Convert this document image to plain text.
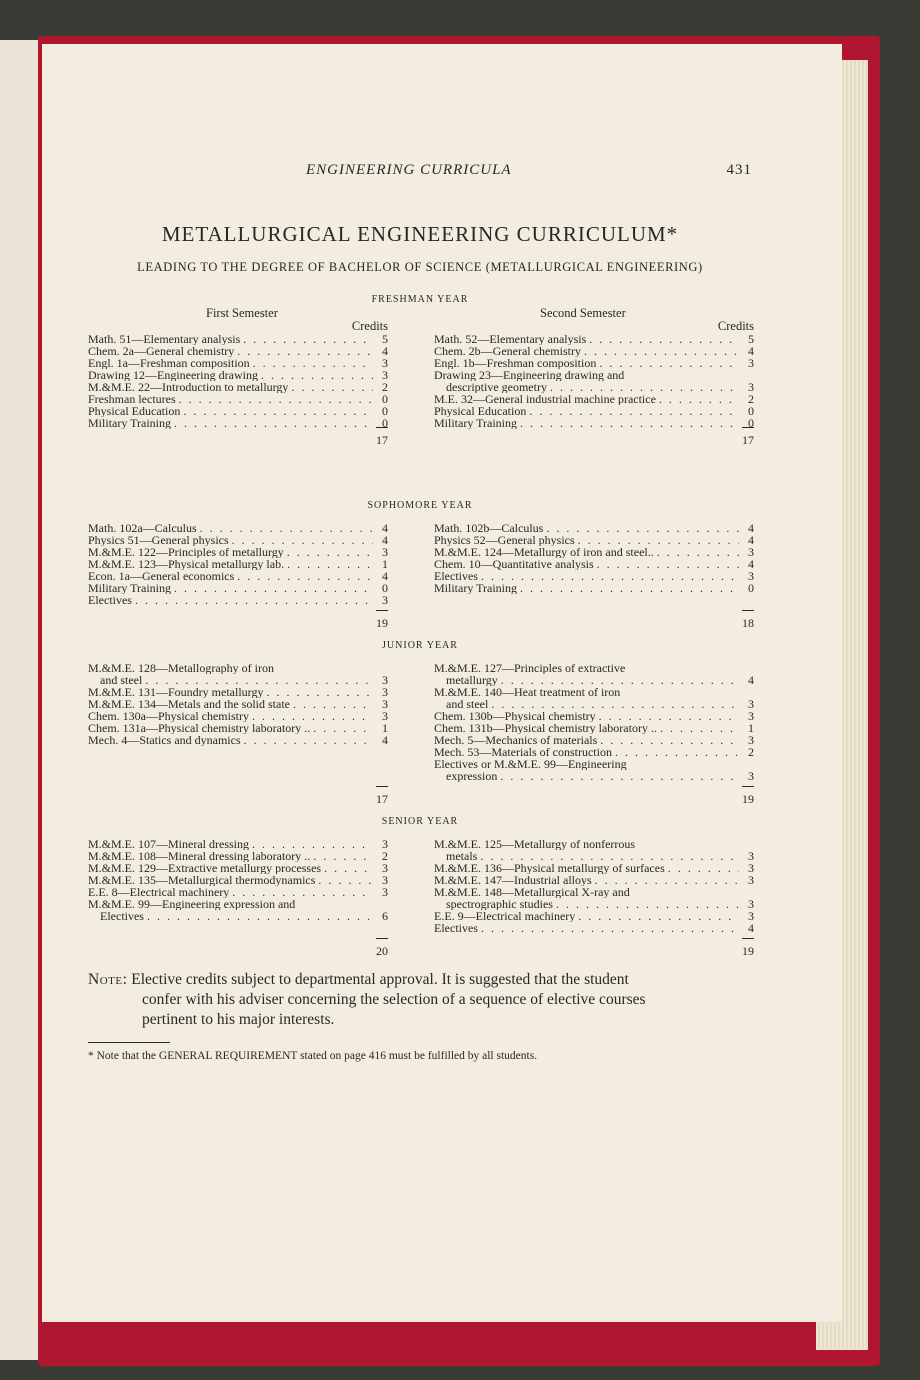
ENGINEERING CURRICULA	431
METALLURGICAL ENGINEERING CURRICULUM*
LEADING TO THE DEGREE OF BACHELOR OF SCIENCE (METALLURGICAL ENGINEERING)
FRESHMAN YEAR
First Semester
Credits
Math. 51—Elementary analysis . . .	5
Chem. 2a—General chemistry . . .	4
Engl. 1a—Freshman composition . . .	3
Drawing 12—Engineering drawing . . .	3
M.&M.E. 22—Introduction to metallurgy . . .	2
Freshman lectures . . .	0
Physical Education . . .	0
Military Training . . .	0
17
Second Semester
Credits
Math. 52—Elementary analysis . . .	5
Chem. 2b—General chemistry . . .	4
Engl. 1b—Freshman composition . . .	3
Drawing 23—Engineering drawing and
descriptive geometry . . .	3
M.E. 32—General industrial machine practice . . .	2
Physical Education . . .	0
Military Training . . .	0
17
SOPHOMORE YEAR
Math. 102a—Calculus . . .	4
Physics 51—General physics . . .	4
M.&M.E. 122—Principles of metallurgy . . .	3
M.&M.E. 123—Physical metallurgy lab. . . .	1
Econ. 1a—General economics . . .	4
Military Training . . .	0
Electives . . .	3
19
Math. 102b—Calculus . . .	4
Physics 52—General physics . . .	4
M.&M.E. 124—Metallurgy of iron and steel.. . . .	3
Chem. 10—Quantitative analysis . . .	4
Electives . . .	3
Military Training . . .	0
18
JUNIOR YEAR
M.&M.E. 128—Metallography of iron
and steel . . .	3
M.&M.E. 131—Foundry metallurgy . . .	3
M.&M.E. 134—Metals and the solid state . . .	3
Chem. 130a—Physical chemistry . . .	3
Chem. 131a—Physical chemistry laboratory .. . . .	1
Mech. 4—Statics and dynamics . . .	4
17
M.&M.E. 127—Principles of extractive
metallurgy . . .	4
M.&M.E. 140—Heat treatment of iron
and steel . . .	3
Chem. 130b—Physical chemistry . . .	3
Chem. 131b—Physical chemistry laboratory .. . . .	1
Mech. 5—Mechanics of materials . . .	3
Mech. 53—Materials of construction . . .	2
Electives or M.&M.E. 99—Engineering
expression . . .	3
19
SENIOR YEAR
M.&M.E. 107—Mineral dressing . . .	3
M.&M.E. 108—Mineral dressing laboratory .. . . .	2
M.&M.E. 129—Extractive metallurgy processes . . .	3
M.&M.E. 135—Metallurgical thermodynamics . . .	3
E.E. 8—Electrical machinery . . .	3
M.&M.E. 99—Engineering expression and
Electives . . .	6
20
M.&M.E. 125—Metallurgy of nonferrous
metals . . .	3
M.&M.E. 136—Physical metallurgy of surfaces . . .	3
M.&M.E. 147—Industrial alloys . . .	3
M.&M.E. 148—Metallurgical X-ray and
spectrographic studies . . .	3
E.E. 9—Electrical machinery . . .	3
Electives . . .	4
19
Note: Elective credits subject to departmental approval. It is suggested that the student
confer with his adviser concerning the selection of a sequence of elective courses
pertinent to his major interests.
* Note that the GENERAL REQUIREMENT stated on page 416 must be fulfilled by all students.
